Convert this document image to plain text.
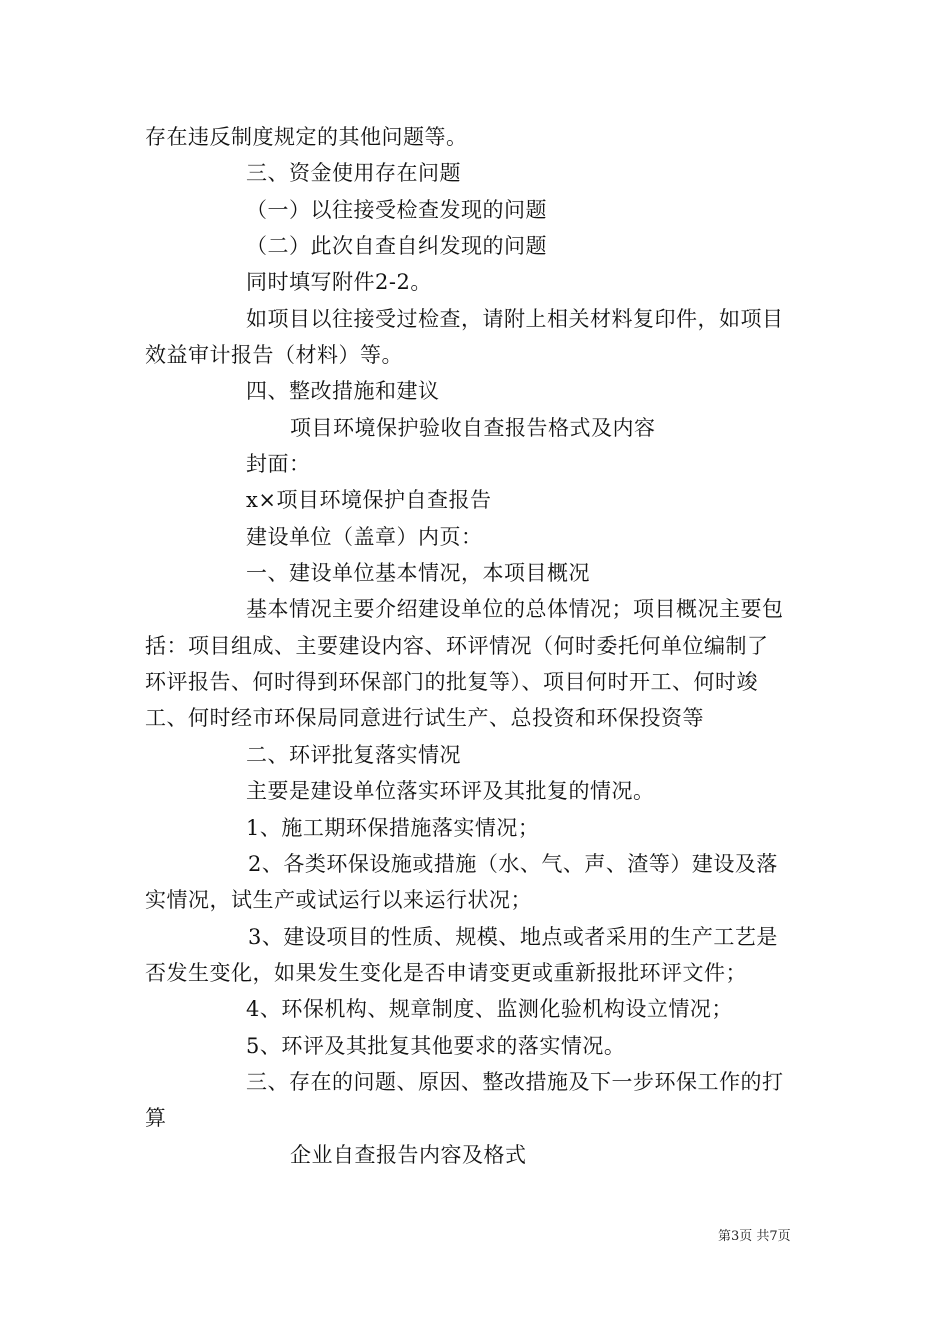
存在违反制度规定的其他问题等。
三、资金使用存在问题
（一）以往接受检查发现的问题
（二）此次自查自纠发现的问题
同时填写附件2-2。
如项目以往接受过检查，请附上相关材料复印件，如项目
效益审计报告（材料）等。
四、整改措施和建议
项目环境保护验收自查报告格式及内容
封面：
x×项目环境保护自查报告
建设单位（盖章）内页：
一、建设单位基本情况，本项目概况
基本情况主要介绍建设单位的总体情况；项目概况主要包
括：项目组成、主要建设内容、环评情况（何时委托何单位编制了
环评报告、何时得到环保部门的批复等）、项目何时开工、何时竣
工、何时经市环保局同意进行试生产、总投资和环保投资等
二、环评批复落实情况
主要是建设单位落实环评及其批复的情况。
1、施工期环保措施落实情况；
2、各类环保设施或措施（水、气、声、渣等）建设及落
实情况，试生产或试运行以来运行状况；
3、建设项目的性质、规模、地点或者采用的生产工艺是
否发生变化，如果发生变化是否申请变更或重新报批环评文件；
4、环保机构、规章制度、监测化验机构设立情况；
5、环评及其批复其他要求的落实情况。
三、存在的问题、原因、整改措施及下一步环保工作的打
算
企业自查报告内容及格式
第3页 共7页
